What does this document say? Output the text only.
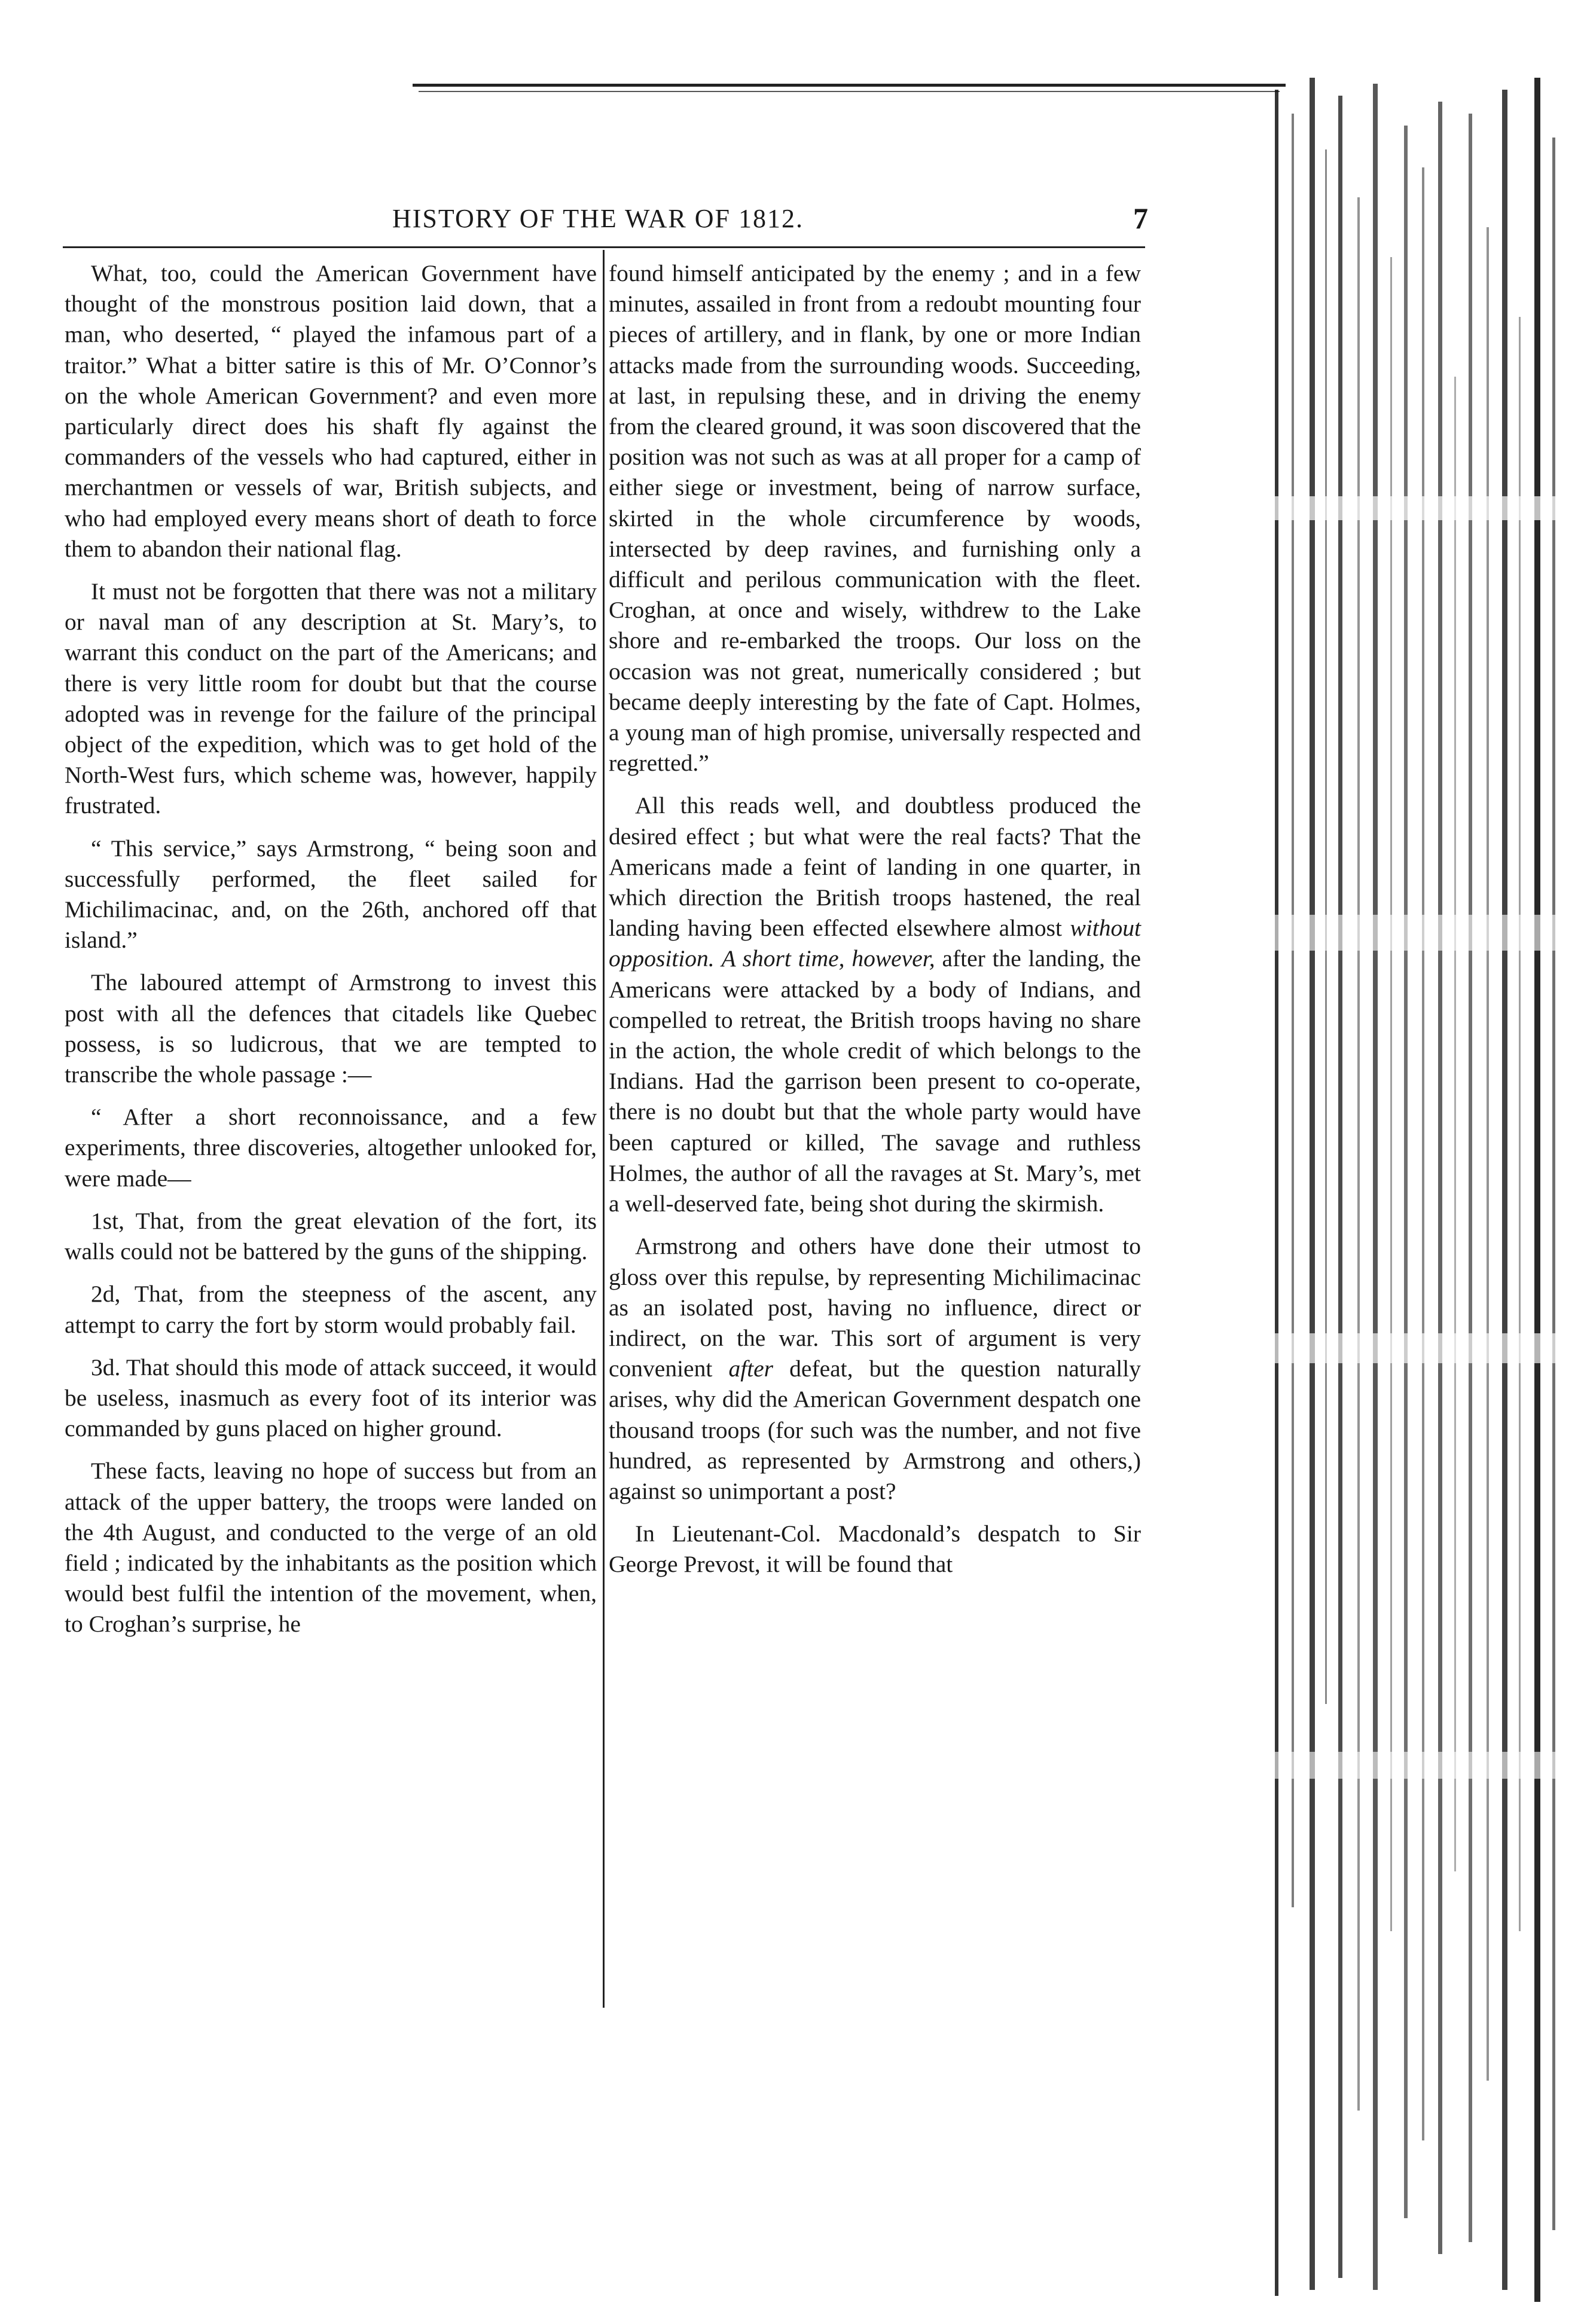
HISTORY OF THE WAR OF 1812.	7

What, too, could the American Government have thought of the monstrous position laid down, that a man, who deserted, “ played the infamous part of a traitor.” What a bitter satire is this of Mr. O’Connor’s on the whole American Government? and even more particularly direct does his shaft fly against the commanders of the vessels who had captured, either in merchantmen or vessels of war, British subjects, and who had employed every means short of death to force them to abandon their national flag.

It must not be forgotten that there was not a military or naval man of any description at St. Mary’s, to warrant this conduct on the part of the Americans; and there is very little room for doubt but that the course adopted was in revenge for the failure of the principal object of the expedition, which was to get hold of the North-West furs, which scheme was, however, happily frustrated.

“ This service,” says Armstrong, “ being soon and successfully performed, the fleet sailed for Michilimacinac, and, on the 26th, anchored off that island.”

The laboured attempt of Armstrong to invest this post with all the defences that citadels like Quebec possess, is so ludicrous, that we are tempted to transcribe the whole passage :—

“ After a short reconnoissance, and a few experiments, three discoveries, altogether unlooked for, were made—

1st, That, from the great elevation of the fort, its walls could not be battered by the guns of the shipping.

2d, That, from the steepness of the ascent, any attempt to carry the fort by storm would probably fail.

3d. That should this mode of attack succeed, it would be useless, inasmuch as every foot of its interior was commanded by guns placed on higher ground.

These facts, leaving no hope of success but from an attack of the upper battery, the troops were landed on the 4th August, and conducted to the verge of an old field ; indicated by the inhabitants as the position which would best fulfil the intention of the movement, when, to Croghan’s surprise, he

found himself anticipated by the enemy ; and in a few minutes, assailed in front from a redoubt mounting four pieces of artillery, and in flank, by one or more Indian attacks made from the surrounding woods. Succeeding, at last, in repulsing these, and in driving the enemy from the cleared ground, it was soon discovered that the position was not such as was at all proper for a camp of either siege or investment, being of narrow surface, skirted in the whole circumference by woods, intersected by deep ravines, and furnishing only a difficult and perilous communication with the fleet. Croghan, at once and wisely, withdrew to the Lake shore and re-embarked the troops. Our loss on the occasion was not great, numerically considered ; but became deeply interesting by the fate of Capt. Holmes, a young man of high promise, universally respected and regretted.”

All this reads well, and doubtless produced the desired effect ; but what were the real facts? That the Americans made a feint of landing in one quarter, in which direction the British troops hastened, the real landing having been effected elsewhere almost without opposition. A short time, however, after the landing, the Americans were attacked by a body of Indians, and compelled to retreat, the British troops having no share in the action, the whole credit of which belongs to the Indians. Had the garrison been present to co-operate, there is no doubt but that the whole party would have been captured or killed, The savage and ruthless Holmes, the author of all the ravages at St. Mary’s, met a well-deserved fate, being shot during the skirmish.

Armstrong and others have done their utmost to gloss over this repulse, by representing Michilimacinac as an isolated post, having no influence, direct or indirect, on the war. This sort of argument is very convenient after defeat, but the question naturally arises, why did the American Government despatch one thousand troops (for such was the number, and not five hundred, as represented by Armstrong and others,) against so unimportant a post?

In Lieutenant-Col. Macdonald’s despatch to Sir George Prevost, it will be found that
